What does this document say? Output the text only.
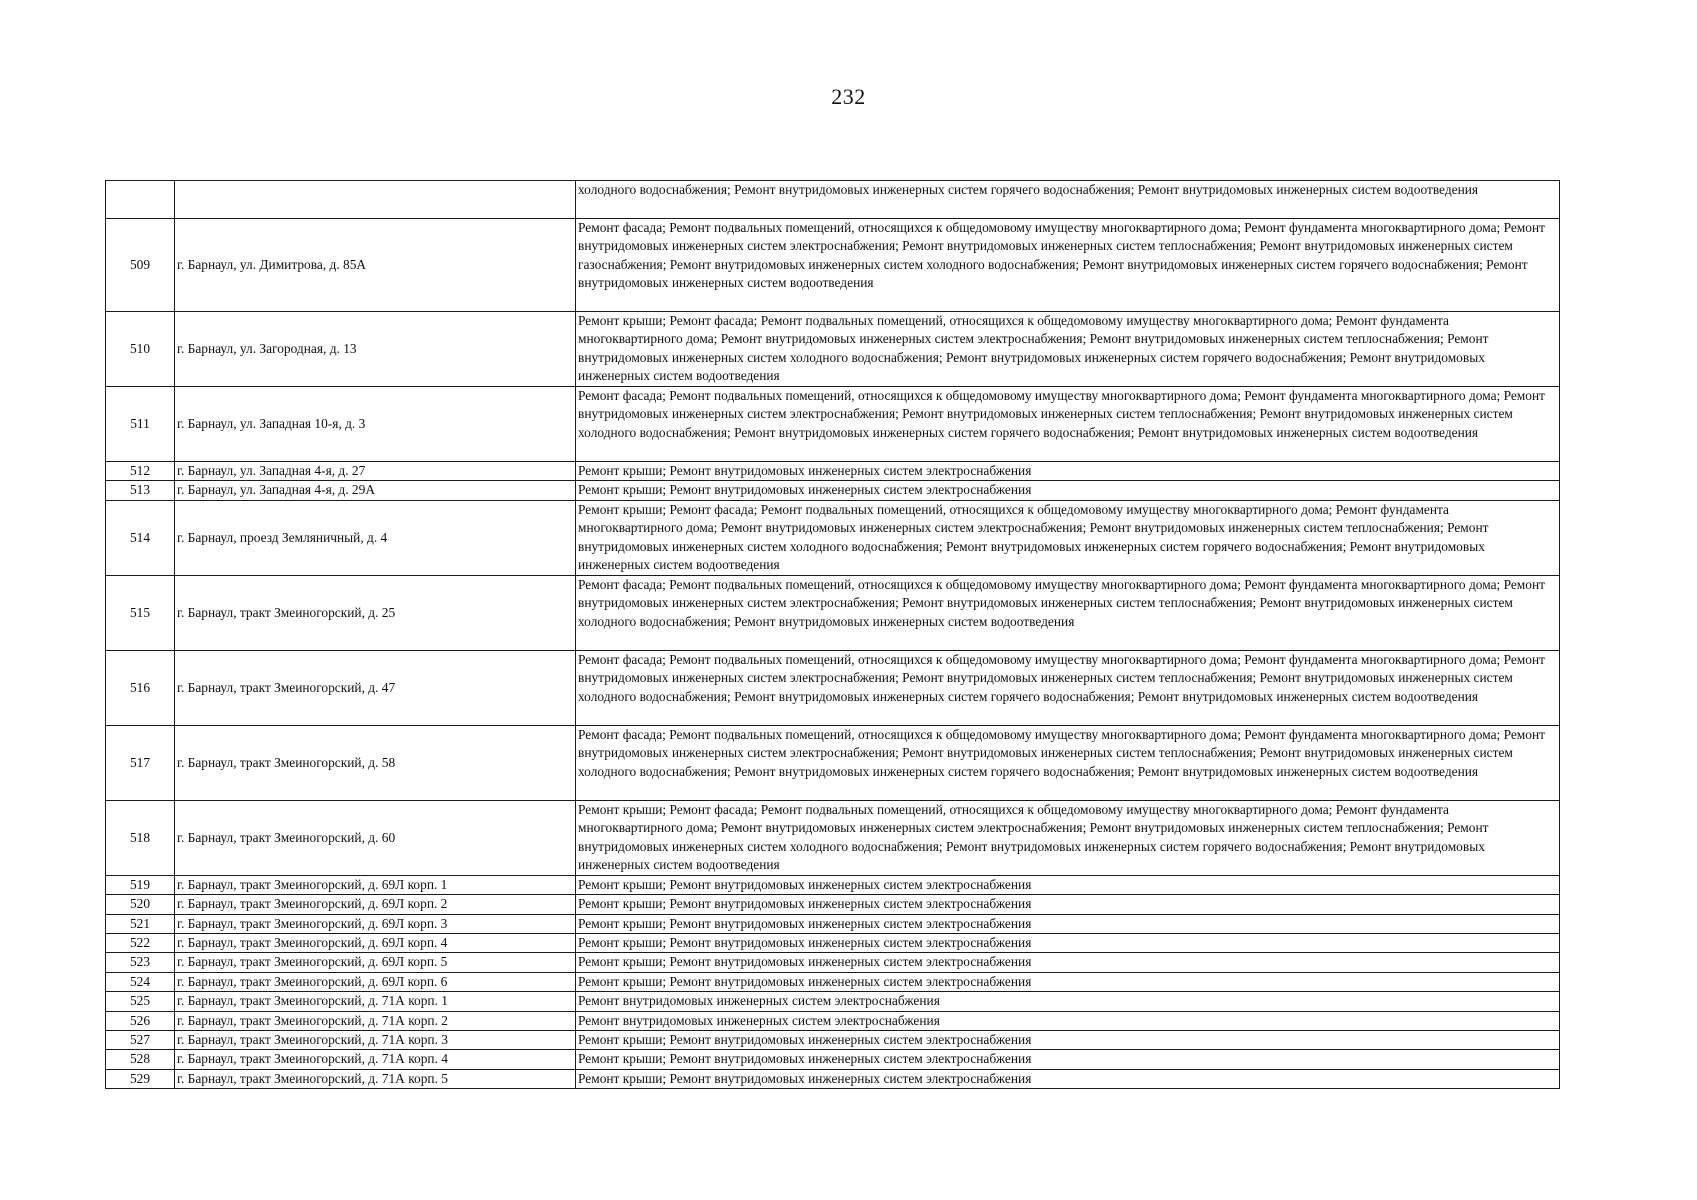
232
		холодного водоснабжения; Ремонт внутридомовых инженерных систем горячего водоснабжения; Ремонт внутридомовых инженерных систем водоотведения
509	г. Барнаул, ул. Димитрова, д. 85А	Ремонт фасада; Ремонт подвальных помещений, относящихся к общедомовому имуществу многоквартирного дома; Ремонт фундамента многоквартирного дома; Ремонт внутридомовых инженерных систем электроснабжения; Ремонт внутридомовых инженерных систем теплоснабжения; Ремонт внутридомовых инженерных систем газоснабжения; Ремонт внутридомовых инженерных систем холодного водоснабжения; Ремонт внутридомовых инженерных систем горячего водоснабжения; Ремонт внутридомовых инженерных систем водоотведения
510	г. Барнаул, ул. Загородная, д. 13	Ремонт крыши; Ремонт фасада; Ремонт подвальных помещений, относящихся к общедомовому имуществу многоквартирного дома; Ремонт фундамента многоквартирного дома; Ремонт внутридомовых инженерных систем электроснабжения; Ремонт внутридомовых инженерных систем теплоснабжения; Ремонт внутридомовых инженерных систем холодного водоснабжения; Ремонт внутридомовых инженерных систем горячего водоснабжения; Ремонт внутридомовых инженерных систем водоотведения
511	г. Барнаул, ул. Западная 10-я, д. 3	Ремонт фасада; Ремонт подвальных помещений, относящихся к общедомовому имуществу многоквартирного дома; Ремонт фундамента многоквартирного дома; Ремонт внутридомовых инженерных систем электроснабжения; Ремонт внутридомовых инженерных систем теплоснабжения; Ремонт внутридомовых инженерных систем холодного водоснабжения; Ремонт внутридомовых инженерных систем горячего водоснабжения; Ремонт внутридомовых инженерных систем водоотведения
512	г. Барнаул, ул. Западная 4-я, д. 27	Ремонт крыши; Ремонт внутридомовых инженерных систем электроснабжения
513	г. Барнаул, ул. Западная 4-я, д. 29А	Ремонт крыши; Ремонт внутридомовых инженерных систем электроснабжения
514	г. Барнаул, проезд Земляничный, д. 4	Ремонт крыши; Ремонт фасада; Ремонт подвальных помещений, относящихся к общедомовому имуществу многоквартирного дома; Ремонт фундамента многоквартирного дома; Ремонт внутридомовых инженерных систем электроснабжения; Ремонт внутридомовых инженерных систем теплоснабжения; Ремонт внутридомовых инженерных систем холодного водоснабжения; Ремонт внутридомовых инженерных систем горячего водоснабжения; Ремонт внутридомовых инженерных систем водоотведения
515	г. Барнаул, тракт Змеиногорский, д. 25	Ремонт фасада; Ремонт подвальных помещений, относящихся к общедомовому имуществу многоквартирного дома; Ремонт фундамента многоквартирного дома; Ремонт внутридомовых инженерных систем электроснабжения; Ремонт внутридомовых инженерных систем теплоснабжения; Ремонт внутридомовых инженерных систем холодного водоснабжения; Ремонт внутридомовых инженерных систем водоотведения
516	г. Барнаул, тракт Змеиногорский, д. 47	Ремонт фасада; Ремонт подвальных помещений, относящихся к общедомовому имуществу многоквартирного дома; Ремонт фундамента многоквартирного дома; Ремонт внутридомовых инженерных систем электроснабжения; Ремонт внутридомовых инженерных систем теплоснабжения; Ремонт внутридомовых инженерных систем холодного водоснабжения; Ремонт внутридомовых инженерных систем горячего водоснабжения; Ремонт внутридомовых инженерных систем водоотведения
517	г. Барнаул, тракт Змеиногорский, д. 58	Ремонт фасада; Ремонт подвальных помещений, относящихся к общедомовому имуществу многоквартирного дома; Ремонт фундамента многоквартирного дома; Ремонт внутридомовых инженерных систем электроснабжения; Ремонт внутридомовых инженерных систем теплоснабжения; Ремонт внутридомовых инженерных систем холодного водоснабжения; Ремонт внутридомовых инженерных систем горячего водоснабжения; Ремонт внутридомовых инженерных систем водоотведения
518	г. Барнаул, тракт Змеиногорский, д. 60	Ремонт крыши; Ремонт фасада; Ремонт подвальных помещений, относящихся к общедомовому имуществу многоквартирного дома; Ремонт фундамента многоквартирного дома; Ремонт внутридомовых инженерных систем электроснабжения; Ремонт внутридомовых инженерных систем теплоснабжения; Ремонт внутридомовых инженерных систем холодного водоснабжения; Ремонт внутридомовых инженерных систем горячего водоснабжения; Ремонт внутридомовых инженерных систем водоотведения
519	г. Барнаул, тракт Змеиногорский, д. 69Л корп. 1	Ремонт крыши; Ремонт внутридомовых инженерных систем электроснабжения
520	г. Барнаул, тракт Змеиногорский, д. 69Л корп. 2	Ремонт крыши; Ремонт внутридомовых инженерных систем электроснабжения
521	г. Барнаул, тракт Змеиногорский, д. 69Л корп. 3	Ремонт крыши; Ремонт внутридомовых инженерных систем электроснабжения
522	г. Барнаул, тракт Змеиногорский, д. 69Л корп. 4	Ремонт крыши; Ремонт внутридомовых инженерных систем электроснабжения
523	г. Барнаул, тракт Змеиногорский, д. 69Л корп. 5	Ремонт крыши; Ремонт внутридомовых инженерных систем электроснабжения
524	г. Барнаул, тракт Змеиногорский, д. 69Л корп. 6	Ремонт крыши; Ремонт внутридомовых инженерных систем электроснабжения
525	г. Барнаул, тракт Змеиногорский, д. 71А корп. 1	Ремонт внутридомовых инженерных систем электроснабжения
526	г. Барнаул, тракт Змеиногорский, д. 71А корп. 2	Ремонт внутридомовых инженерных систем электроснабжения
527	г. Барнаул, тракт Змеиногорский, д. 71А корп. 3	Ремонт крыши; Ремонт внутридомовых инженерных систем электроснабжения
528	г. Барнаул, тракт Змеиногорский, д. 71А корп. 4	Ремонт крыши; Ремонт внутридомовых инженерных систем электроснабжения
529	г. Барнаул, тракт Змеиногорский, д. 71А корп. 5	Ремонт крыши; Ремонт внутридомовых инженерных систем электроснабжения
